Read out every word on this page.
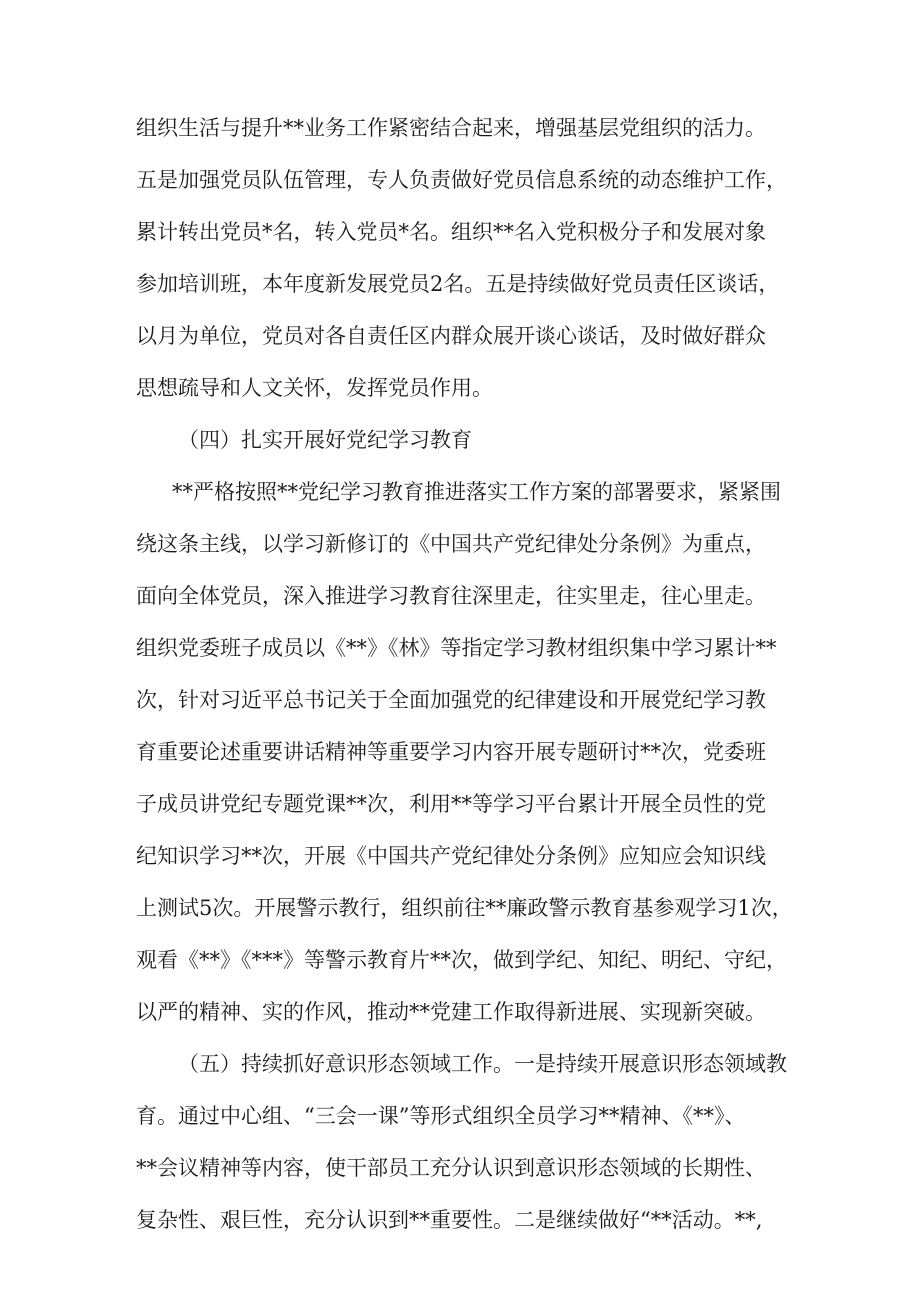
组织生活与提升**业务工作紧密结合起来，增强基层党组织的活力。
五是加强党员队伍管理，专人负责做好党员信息系统的动态维护工作，
累计转出党员*名，转入党员*名。组织**名入党积极分子和发展对象
参加培训班，本年度新发展党员2名。五是持续做好党员责任区谈话，
以月为单位，党员对各自责任区内群众展开谈心谈话，及时做好群众
思想疏导和人文关怀，发挥党员作用。
（四）扎实开展好党纪学习教育
**严格按照**党纪学习教育推进落实工作方案的部署要求，紧紧围
绕这条主线，以学习新修订的《中国共产党纪律处分条例》为重点，
面向全体党员，深入推进学习教育往深里走，往实里走，往心里走。
组织党委班子成员以《**》《林》等指定学习教材组织集中学习累计**
次，针对习近平总书记关于全面加强党的纪律建设和开展党纪学习教
育重要论述重要讲话精神等重要学习内容开展专题研讨**次，党委班
子成员讲党纪专题党课**次，利用**等学习平台累计开展全员性的党
纪知识学习**次，开展《中国共产党纪律处分条例》应知应会知识线
上测试5次。开展警示教行，组织前往**廉政警示教育基参观学习1次，
观看《**》《***》等警示教育片**次，做到学纪、知纪、明纪、守纪，
以严的精神、实的作风，推动**党建工作取得新进展、实现新突破。
（五）持续抓好意识形态领域工作。一是持续开展意识形态领域教
育。通过中心组、“三会一课”等形式组织全员学习**精神、《**》、
**会议精神等内容，使干部员工充分认识到意识形态领域的长期性、
复杂性、艰巨性，充分认识到**重要性。二是继续做好“**活动。**,
